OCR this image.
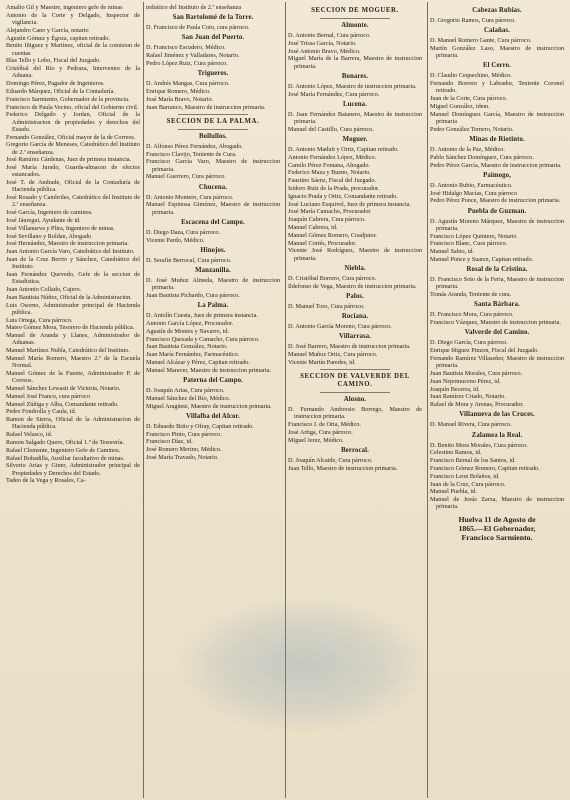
Amalio Gil y Maestre, ingeniero gefe de minas
Antonio de la Corte y Delgado, Inspector de vigilancia.
Alejandro Cano y García, notario
Agustín Gómez y Égoza, capitan retirado.
Benito Iñiguez y Martínez, oficial de la comision de cuentas
Blas Tello y Lobo, Fiscal del Juzgado.
Cristóbal del Río y Pedraza, Interventor de la Aduana.
Domingo Pérez, Pagador de Ingenieros.
Eduardo Márquez, Oficial de la Contaduría.
Francisco Sarmiento, Gobernador de la provincia.
Francisco de Paula Vecino, oficial del Gobierno civil.
Federico Delgado y Jordan, Oficial de la Administracion de propiedades y derechos del Estado.
Fernando González, Oficial mayor de la de Correos.
Gregorio García de Meneses, Catedrático del Instituto de 2.ª enseñanza.
José Ramírez Cárdenas, Juez de primera instancia.
José María Jurado, Guarda-almacen de efectos estancados.
José T. de Andrade, Oficial de la Contaduría de Hacienda pública.
José Rosado y Cambriles, Catedrático del Instituto de 2.ª enseñanza.
José García, Ingeniero de caminos.
José Jáuregui, Ayudante de id.
José Villanueva y Plira, Ingeniero de minas.
José Sevillano y Roldan, Abogado
José Hernández, Maestro de instruccion primaria.
Juan Antonio García Varo, Catedrático del Instituto.
Juan de la Cruz Berrio y Sánchez, Catedrático del Instituto.
Juan Fernández Quevedo, Gefe de la seccion de Estadística.
Juan Antonio Collado, Cajero.
Juan Bautista Núñez, Oficial de la Administracion.
Luis Osorno, Administrador principal de Hacienda pública.
Luis Ortega, Cura párroco.
Mateo Gómez Mora, Tesorero de Hacienda pública.
Manuel de Aranda y Llanes, Administrador de Aduanas.
Manuel Martínez Nubla, Catedrático del Instituto.
Manuel María Romero, Maestro 2.º de la Escuela Normal.
Manuel Gómez de la Fuente, Administrador P. de Correos.
Manuel Sánchez Lewasti de Victoria, Notario.
Manuel José Franco, cura párroco
Manuel Zúñiga y Alba, Comandante retirado.
Pedro Fondrolla y Caula, id.
Ramon de Sierra, Oficial de la Administracion de Hacienda pública.
Rafael Velasco, id.
Ramon Salgado Quero, Oficial 1.º de Tesorería.
Rafael Clemente, Ingeniero Gefe de Caminos.
Rafael Bobadilla, Auxiliar facultativo de minas.
Silverio Arias y Giner, Administrador principal de Propiedades y Derechos del Estado.
Tadeo de la Vega y Rosales, Ca-
tedrático del Instituto de 2.ª enseñanza
San Bartolomé de la Torre.
D. Francisco de Paula Coto, cura párroco.
San Juan del Puerto.
D. Francisco Escudero, Médico.
Rafael Jiménez y Valladares, Notario.
Pedro López Ruiz, Cura párroco.
Trigueros.
D. Andrés Mangas, Cura párroco.
Enrique Romero, Médico.
José María Bravo, Notario.
Juan Barranco, Maestro de instruccion primaria.
SECCION DE LA PALMA.
Bollullos.
D. Alfonso Pérez Fernández, Abogado.
Francisco Clavijo, Teniente de Cura.
Francisco García Varo, Maestro de instruccion primaria.
Manuel Guerrero, Cura párroco.
Chucena.
D. Antonio Montero, Cura párroco.
Manuel Espinosa Giménez, Maestro de instruccion primaria.
Escacena del Campo.
D. Diego Daza, Cura párroco.
Vicente Pardo, Médico.
Hinojos.
D. Serafín Berrocal, Cura párroco.
Manzanilla.
D. José Muñoz Almeda, Maestro de instruccion primaria.
Juan Bautista Pichardo, Cura párroco.
La Palma.
D. Antolín Cuesta, Juez de primera instancia.
Antonio García López, Procurador.
Agustín de Montes y Navarro, id.
Francisco Quesada y Camacho, Cura párroco.
Juan Bautista González, Notario.
Juan María Fernández, Farmacéutico.
Manuel Alcázar y Pérez, Capitan retirado.
Manuel Maraver, Maestro de instruccion primaria.
Paterna del Campo.
D. Joaquín Arias, Cura párroco.
Manuel Sánchez del Río, Médico.
Miguel Aragüete, Maestro de instruccion primaria.
Villalba del Alcor.
D. Eduardo Brito y Ofray, Capitan retirado.
Francisco Pinto, Cura párroco.
Francisco Díaz, id.
José Romero Merino, Médico.
José María Travado, Notario.
SECCION DE MOGUER.
Almonte.
D. Antonio Bernal, Cura párroco.
José Trissa García, Notario.
José Antonio Bravo, Médico.
Miguel María de la Barrera, Maestro de instruccion primaria.
Bonares.
D. Antonio López, Maestro de instruccion primaria.
José María Fernández, Cura párroco.
Lucena.
D. Juan Fernández Batanero, Maestro de instruccion primaria.
Manuel del Castillo, Cura párroco.
Moguer.
D. Antonio Maduit y Ortiz, Capitan retirado.
Antonio Fernández López, Médico.
Camilo Pérez Fontana, Abogado.
Federico Maza y Bueno, Notario.
Faustino Sáenz, Fiscal del Juzgado.
Isidoro Ruiz de la Prada, procurador.
Ignacio Prada y Ortiz, Comandante retirado.
José Luciano Esquivel, Juez de primera instancia.
José María Camacho, Procurador
Joaquín Cabrera, Cura párroco.
Manuel Cabrera, id.
Manuel Gómez Romero, Coadjutor.
Manuel Cortés, Procurador.
Vicente José Rodríguez, Maestro de instruccion primaria.
Niebla.
D. Cristóbal Borrero, Cura párroco.
Ildefonso de Vega, Maestro de instruccion primaria.
Palos.
D. Manuel Toro, Cura párroco.
Rociana.
D. Antonio García Moreno, Cura párroco.
Villarrasa.
D. José Barrero, Maestro de instruccion primaria.
Manuel Muñoz Ortiz, Cura párroco.
Vicente Martín Paredes, id.
SECCION DE VALVERDE DEL CAMINO.
Alosno.
D. Fernando Ambrosio Borrego, Maestro de instruccion primaria.
Francisco J. de Orta, Médico.
José Artiga, Cura párroco.
Miguel Jerez, Médico.
Berrocal.
D. Joaquín Alcaide, Cura párroco.
Juan Tello, Maestro de instruccion primaria.
Cabezas Rubias.
D. Gregorio Ramos, Cura párroco.
Calañas.
D. Manuel Romero Gante, Cura párroco.
Martín González Laso, Maestro de instruccion primaria.
El Cerro.
D. Claudio Cequechino, Médico.
Fernando Borrero y Labrador, Teniente Coronel retirado.
Juan de la Corte, Cura párroco.
Miguel González, idem.
Manuel Domínguez García, Maestro de instruccion primaria
Pedro González Ternero, Notario.
Minas de Riotinto.
D. Antonio de la Paz, Médico.
Pablo Sánchez Domínguez, Cura párroco.
Pedro Pérez García, Maestro de instruccion primaria.
Paimogo,
D. Antonio Rubio, Farmacéutico.
José Hidalgo Macías, Cura párroco
Pedro Pérez Ponce, Maestro de instruccion primaria.
Puebla de Guzman.
D. Agustín Moreno Márquez, Maestro de instruccion primaria.
Francisco López Quintero, Notario
Francisco Blanc, Cura párroco.
Manuel Sabio, id.
Manuel Ponce y Suarez, Capitan retirado.
Rosal de la Cristina.
D. Francisco Soto de la Feria, Maestro de instruccion primaria.
Tomás Aranda, Teniente de cura.
Santa Bárbara.
D. Francisco Mora, Cura párroco.
Francisco Vázquez, Maestro de instruccion primaria.
Valverde del Camino.
D. Diego García, Cura párroco.
Enrique Iñiguez Pinzon, Fiscal del Juzgado.
Fernando Ramírez Villaseñor, Maestro de instruccion primaria.
Juan Bautista Morales, Cura párroco.
Juan Nepomuceno Pérez, id.
Joaquín Becerra, id.
Juan Ramírez Criado, Notario.
Rafael de Mora y Arenas, Procurador.
Villanueva de las Cruces.
D. Manuel Rivera, Cura párroco.
Zalamea la Real.
D. Benito Mora Morales, Cura párroco.
Celestino Ramos, id.
Francisco Bernal de los Santos, id.
Francisco Gómez Romero, Capitan retirado.
Francisco Leon Bolaños, id.
Juan de la Cruz, Cura párroco.
Manuel Puebla, id.
Manuel de Jesús Zarza, Maestro de instruccion primaria.
Huelva 11 de Agosto de
1865.—El Gobernador,
Francisco Sarmiento.
